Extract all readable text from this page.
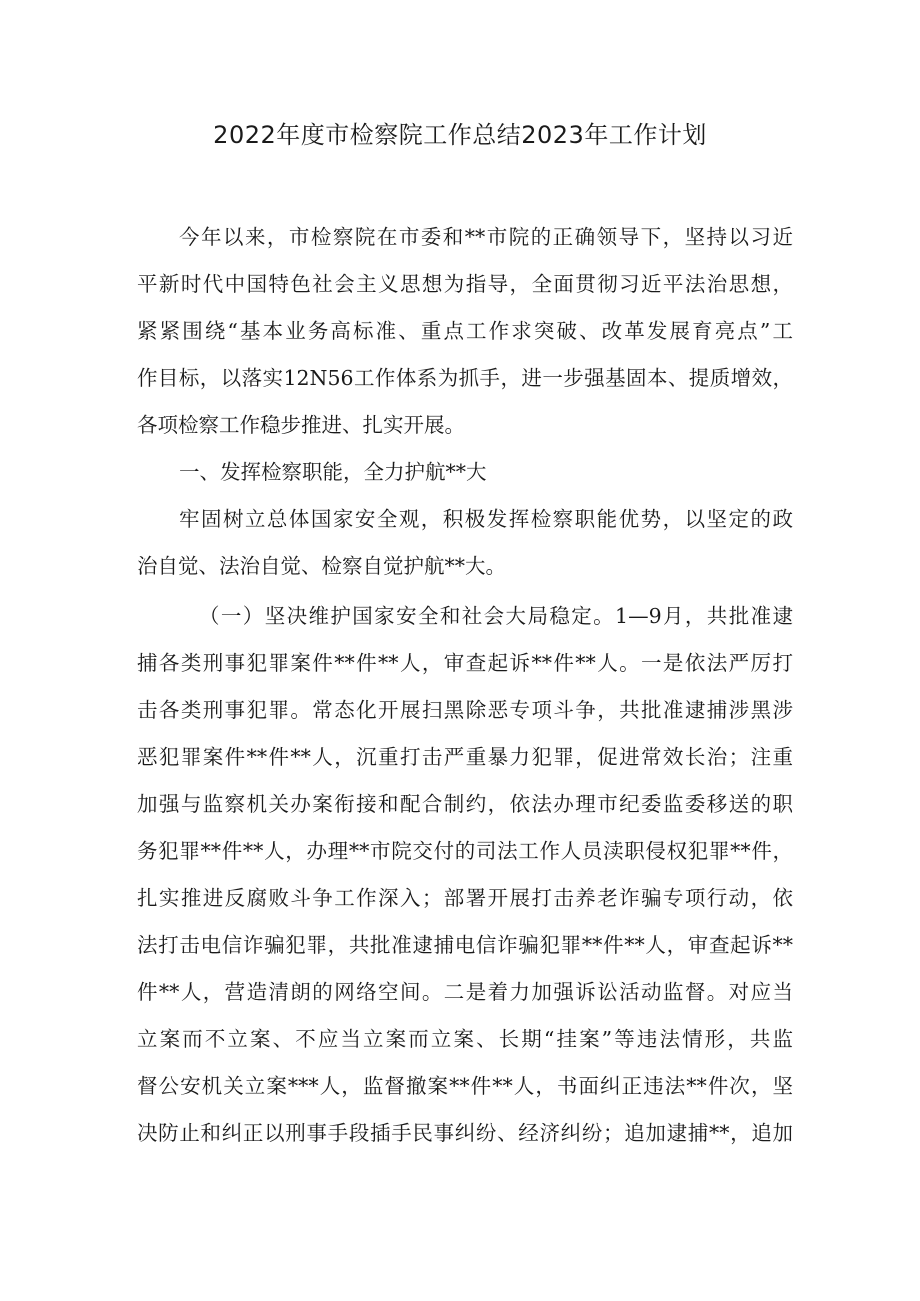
2022年度市检察院工作总结2023年工作计划
今年以来，市检察院在市委和**市院的正确领导下，坚持以习近
平新时代中国特色社会主义思想为指导，全面贯彻习近平法治思想，
紧紧围绕“基本业务高标准、重点工作求突破、改革发展育亮点”工
作目标，以落实12N56工作体系为抓手，进一步强基固本、提质增效，
各项检察工作稳步推进、扎实开展。
一、发挥检察职能，全力护航**大
牢固树立总体国家安全观，积极发挥检察职能优势，以坚定的政
治自觉、法治自觉、检察自觉护航**大。
（一）坚决维护国家安全和社会大局稳定。1—9月，共批准逮
捕各类刑事犯罪案件**件**人，审查起诉**件**人。一是依法严厉打
击各类刑事犯罪。常态化开展扫黑除恶专项斗争，共批准逮捕涉黑涉
恶犯罪案件**件**人，沉重打击严重暴力犯罪，促进常效长治；注重
加强与监察机关办案衔接和配合制约，依法办理市纪委监委移送的职
务犯罪**件**人，办理**市院交付的司法工作人员渎职侵权犯罪**件，
扎实推进反腐败斗争工作深入；部署开展打击养老诈骗专项行动，依
法打击电信诈骗犯罪，共批准逮捕电信诈骗犯罪**件**人，审查起诉**
件**人，营造清朗的网络空间。二是着力加强诉讼活动监督。对应当
立案而不立案、不应当立案而立案、长期“挂案”等违法情形，共监
督公安机关立案***人，监督撤案**件**人，书面纠正违法**件次，坚
决防止和纠正以刑事手段插手民事纠纷、经济纠纷；追加逮捕**，追加
